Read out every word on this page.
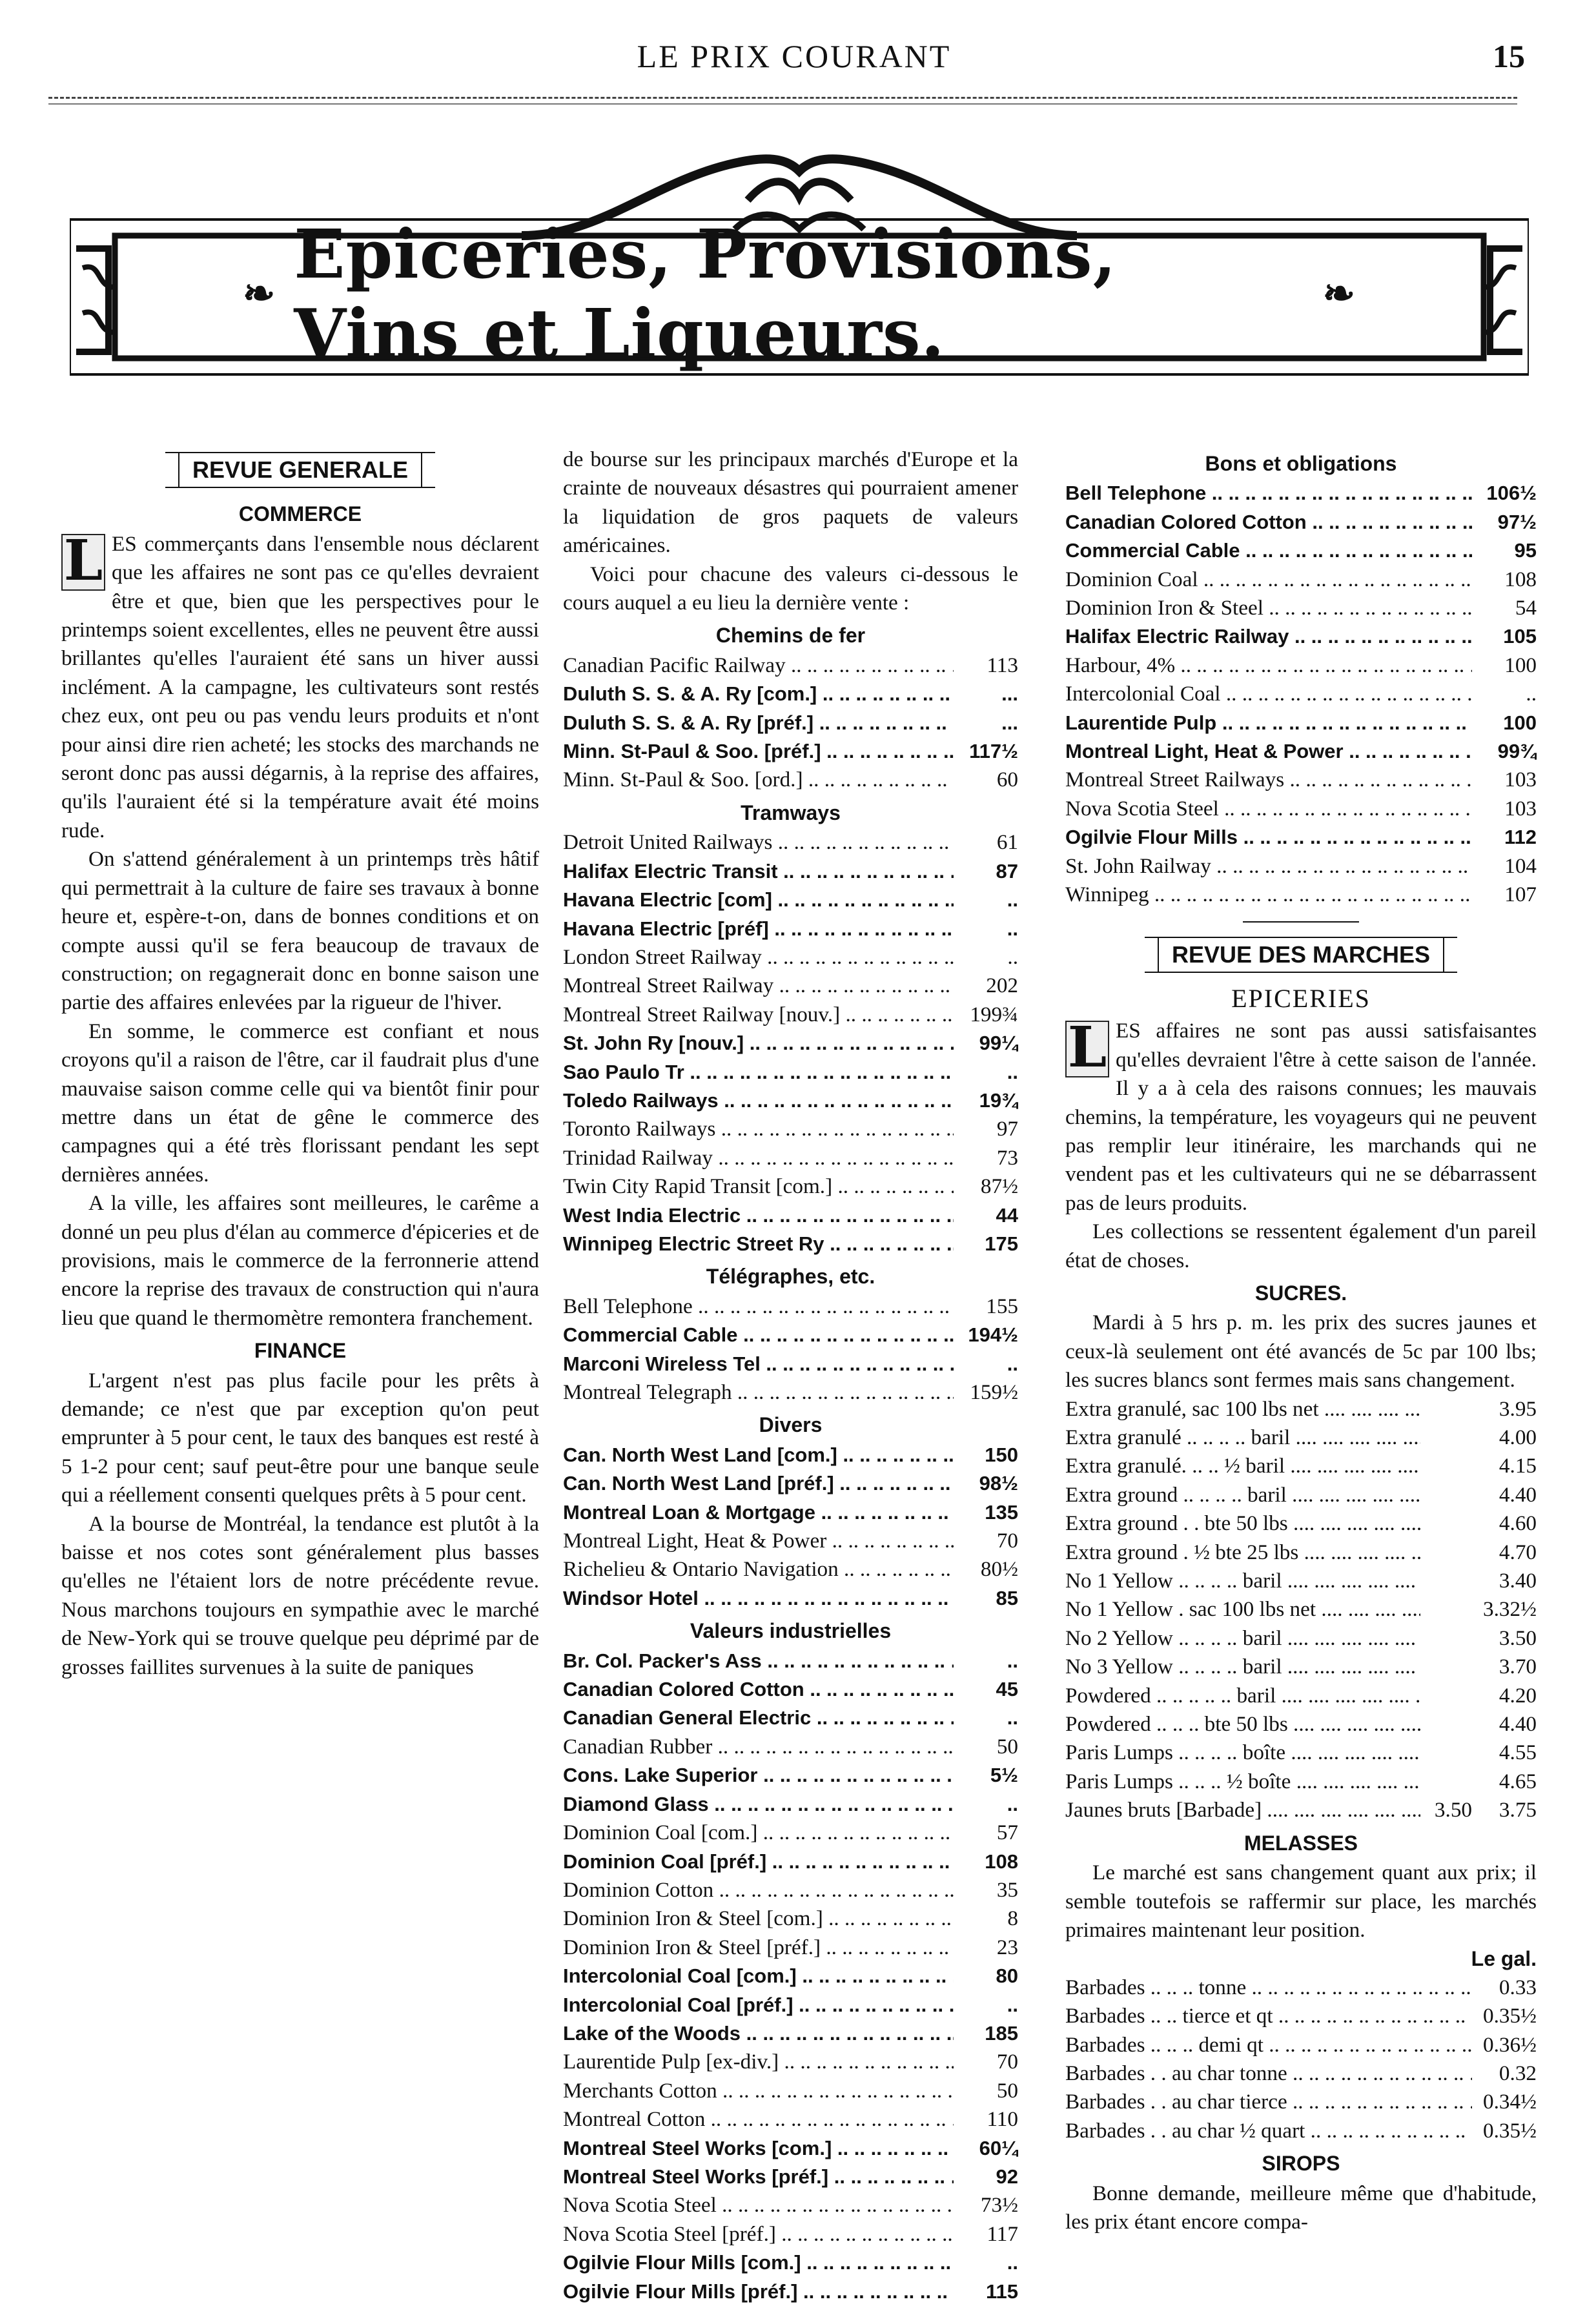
LE PRIX COURANT	15
❧ Epiceries, Provisions, Vins et Liqueurs.	❧
REVUE GENERALE
COMMERCE

L ES commerçants dans l'ensemble nous déclarent que les affaires ne sont pas ce qu'elles devraient être et que, bien que les perspectives pour le printemps soient excellentes, elles ne peuvent être aussi brillantes qu'elles l'auraient été sans un hiver aussi inclément. A la campagne, les cultivateurs sont restés chez eux, ont peu ou pas vendu leurs produits et n'ont pour ainsi dire rien acheté; les stocks des marchands ne seront donc pas aussi dégarnis, à la reprise des affaires, qu'ils l'auraient été si la température avait été moins rude.

On s'attend généralement à un printemps très hâtif qui permettrait à la culture de faire ses travaux à bonne heure et, espère-t-on, dans de bonnes conditions et on compte aussi qu'il se fera beaucoup de travaux de construction; on regagnerait donc en bonne saison une partie des affaires enlevées par la rigueur de l'hiver.

En somme, le commerce est confiant et nous croyons qu'il a raison de l'être, car il faudrait plus d'une mauvaise saison comme celle qui va bientôt finir pour mettre dans un état de gêne le commerce des campagnes qui a été très florissant pendant les sept dernières années.

A la ville, les affaires sont meilleures, le carême a donné un peu plus d'élan au commerce d'épiceries et de provisions, mais le commerce de la ferronnerie attend encore la reprise des travaux de construction qui n'aura lieu que quand le thermomètre remontera franchement.

FINANCE

L'argent n'est pas plus facile pour les prêts à demande; ce n'est que par exception qu'on peut emprunter à 5 pour cent, le taux des banques est resté à 5 1-2 pour cent; sauf peut-être pour une banque seule qui a réellement consenti quelques prêts à 5 pour cent.

A la bourse de Montréal, la tendance est plutôt à la baisse et nos cotes sont généralement plus basses qu'elles ne l'étaient lors de notre précédente revue. Nous marchons toujours en sympathie avec le marché de New-York qui se trouve quelque peu déprimé par de grosses faillites survenues à la suite de paniques

de bourse sur les principaux marchés d'Europe et la crainte de nouveaux désastres qui pourraient amener la liquidation de gros paquets de valeurs américaines.

Voici pour chacune des valeurs ci-dessous le cours auquel a eu lieu la dernière vente :

Chemins de fer
Canadian Pacific Railway .. ..	113
Duluth S. S. & A. Ry [com.] .. ..	...
Duluth S. S. & A. Ry [préf.] .. ..	...
Minn. St-Paul & Soo. [préf.] .. ..	117½
Minn. St-Paul & Soo. [ord.] .. ..	60
Tramways
Detroit United Railways .. ..	61
Halifax Electric Transit .. ..	87
Havana Electric [com] .. ..	..
Havana Electric [préf] .. ..	..
London Street Railway .. ..	..
Montreal Street Railway .. ..	202
Montreal Street Railway [nouv.] .. ..	199¾
St. John Ry [nouv.] .. ..	99¼
Sao Paulo Tr .. ..	..
Toledo Railways .. ..	19¾
Toronto Railways .. ..	97
Trinidad Railway .. ..	73
Twin City Rapid Transit [com.] .. ..	87½
West India Electric .. ..	44
Winnipeg Electric Street Ry .. ..	175
Télégraphes, etc.
Bell Telephone .. ..	155
Commercial Cable .. ..	194½
Marconi Wireless Tel .. ..	..
Montreal Telegraph .. ..	159½
Divers
Can. North West Land [com.] .. ..	150
Can. North West Land [préf.] .. ..	98½
Montreal Loan & Mortgage .. ..	135
Montreal Light, Heat & Power .. ..	70
Richelieu & Ontario Navigation .. ..	80½
Windsor Hotel .. ..	85
Valeurs industrielles
Br. Col. Packer's Ass .. ..	..
Canadian Colored Cotton .. ..	45
Canadian General Electric .. ..	..
Canadian Rubber .. ..	50
Cons. Lake Superior .. ..	5½
Diamond Glass .. ..	..
Dominion Coal [com.] .. ..	57
Dominion Coal [préf.] .. ..	108
Dominion Cotton .. ..	35
Dominion Iron & Steel [com.] .. ..	8
Dominion Iron & Steel [préf.] .. ..	23
Intercolonial Coal [com.] .. ..	80
Intercolonial Coal [préf.] .. ..	..
Lake of the Woods .. ..	185
Laurentide Pulp [ex-div.] .. ..	70
Merchants Cotton .. ..	50
Montreal Cotton .. ..	110
Montreal Steel Works [com.] .. ..	60¼
Montreal Steel Works [préf.] .. ..	92
Nova Scotia Steel .. ..	73½
Nova Scotia Steel [préf.] .. ..	117
Ogilvie Flour Mills [com.] .. ..	..
Ogilvie Flour Mills [préf.] .. ..	115
Bons et obligations
Bell Telephone .. ..	106½
Canadian Colored Cotton .. ..	97½
Commercial Cable .. ..	95
Dominion Coal .. ..	108
Dominion Iron & Steel .. ..	54
Halifax Electric Railway .. ..	105
Harbour, 4% .. ..	100
Intercolonial Coal .. ..	..
Laurentide Pulp .. ..	100
Montreal Light, Heat & Power .. ..	99¾
Montreal Street Railways .. ..	103
Nova Scotia Steel .. ..	103
Ogilvie Flour Mills .. ..	112
St. John Railway .. ..	104
Winnipeg .. ..	107
REVUE DES MARCHES
EPICERIES

L ES affaires ne sont pas aussi satisfaisantes qu'elles devraient l'être à cette saison de l'année. Il y a à cela des raisons connues; les mauvais chemins, la température, les voyageurs qui ne peuvent pas remplir leur itinéraire, les marchands qui ne vendent pas et les cultivateurs qui ne se débarrassent pas de leurs produits.

Les collections se ressentent également d'un pareil état de choses.

SUCRES.

Mardi à 5 hrs p. m. les prix des sucres jaunes et ceux-là seulement ont été avancés de 5c par 100 lbs; les sucres blancs sont fermes mais sans changement.

Extra granulé, sac 100 lbs net ....	3.95
Extra granulé .. .. .. .. baril ....	4.00
Extra granulé. .. .. ½ baril ....	4.15
Extra ground .. .. .. .. baril ....	4.40
Extra ground . . bte 50 lbs ....	4.60
Extra ground . ½ bte 25 lbs ....	4.70
No 1 Yellow .. .. .. .. baril ....	3.40
No 1 Yellow . sac 100 lbs net ....	3.32½
No 2 Yellow .. .. .. .. baril ....	3.50
No 3 Yellow .. .. .. .. baril ....	3.70
Powdered .. .. .. .. .. baril ....	4.20
Powdered .. .. .. bte 50 lbs ....	4.40
Paris Lumps .. .. .. .. boîte ....	4.55
Paris Lumps .. .. .. ½ boîte ....	4.65
Jaunes bruts [Barbade] ....	3.50	3.75
MELASSES

Le marché est sans changement quant aux prix; il semble toutefois se raffermir sur place, les marchés primaires maintenant leur position.

Le gal.
Barbades .. .. .. tonne .. ..	0.33
Barbades .. .. tierce et qt .. ..	0.35½
Barbades .. .. .. demi qt .. ..	0.36½
Barbades . . au char tonne .. ..	0.32
Barbades . . au char tierce .. ..	0.34½
Barbades . . au char ½ quart .. ..	0.35½
SIROPS

Bonne demande, meilleure même que d'habitude, les prix étant encore compa-
